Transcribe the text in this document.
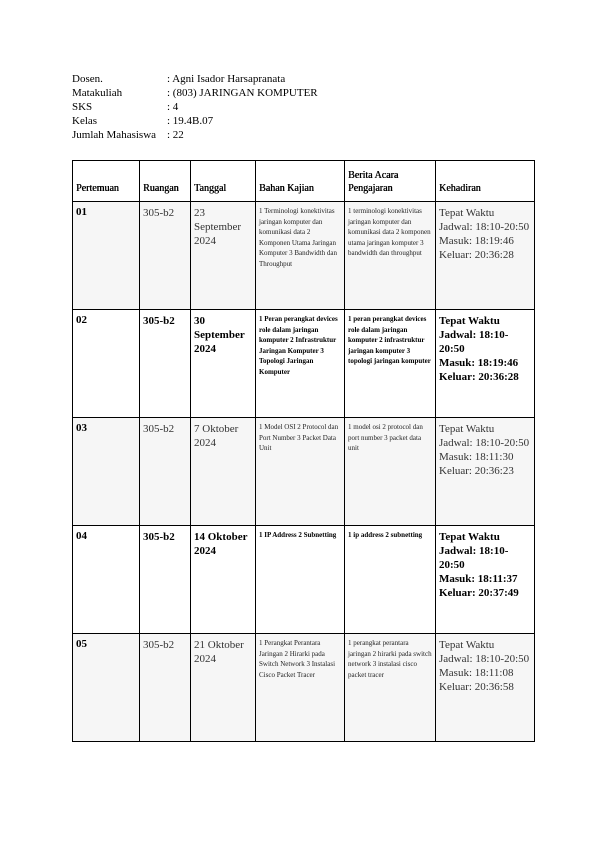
Dosen.	: Agni Isador Harsapranata
Matakuliah	: (803) JARINGAN KOMPUTER
SKS	: 4
Kelas	: 19.4B.07
Jumlah Mahasiswa	: 22
Pertemuan	Ruangan	Tanggal	Bahan Kajian	Berita Acara Pengajaran	Kehadiran
01	305-b2	23 September 2024	1 Terminologi konektivitas jaringan komputer dan komunikasi data 2 Komponen Utama Jaringan Komputer 3 Bandwidth dan Throughput	1 terminologi konektivitas jaringan komputer dan komunikasi data 2 komponen utama jaringan komputer 3 bandwidth dan throughput	Tepat Waktu
Jadwal: 18:10-20:50
Masuk: 18:19:46
Keluar: 20:36:28

02	305-b2	30 September 2024	1 Peran perangkat devices role dalam jaringan komputer 2 Infrastruktur Jaringan Komputer 3 Topologi Jaringan Komputer	1 peran perangkat devices role dalam jaringan komputer 2 infrastruktur jaringan komputer 3 topologi jaringan komputer	Tepat Waktu
Jadwal: 18:10-20:50
Masuk: 18:19:46
Keluar: 20:36:28

03	305-b2	7 Oktober 2024	1 Model OSI 2 Protocol dan Port Number 3 Packet Data Unit	1 model osi 2 protocol dan port number 3 packet data unit	Tepat Waktu
Jadwal: 18:10-20:50
Masuk: 18:11:30
Keluar: 20:36:23

04	305-b2	14 Oktober 2024	1 IP Address 2 Subnetting	1 ip address 2 subnetting	Tepat Waktu
Jadwal: 18:10-20:50
Masuk: 18:11:37
Keluar: 20:37:49

05	305-b2	21 Oktober 2024	1 Perangkat Perantara Jaringan 2 Hirarki pada Switch Network 3 Instalasi Cisco Packet Tracer	1 perangkat perantara jaringan 2 hirarki pada switch network 3 instalasi cisco packet tracer	Tepat Waktu
Jadwal: 18:10-20:50
Masuk: 18:11:08
Keluar: 20:36:58
